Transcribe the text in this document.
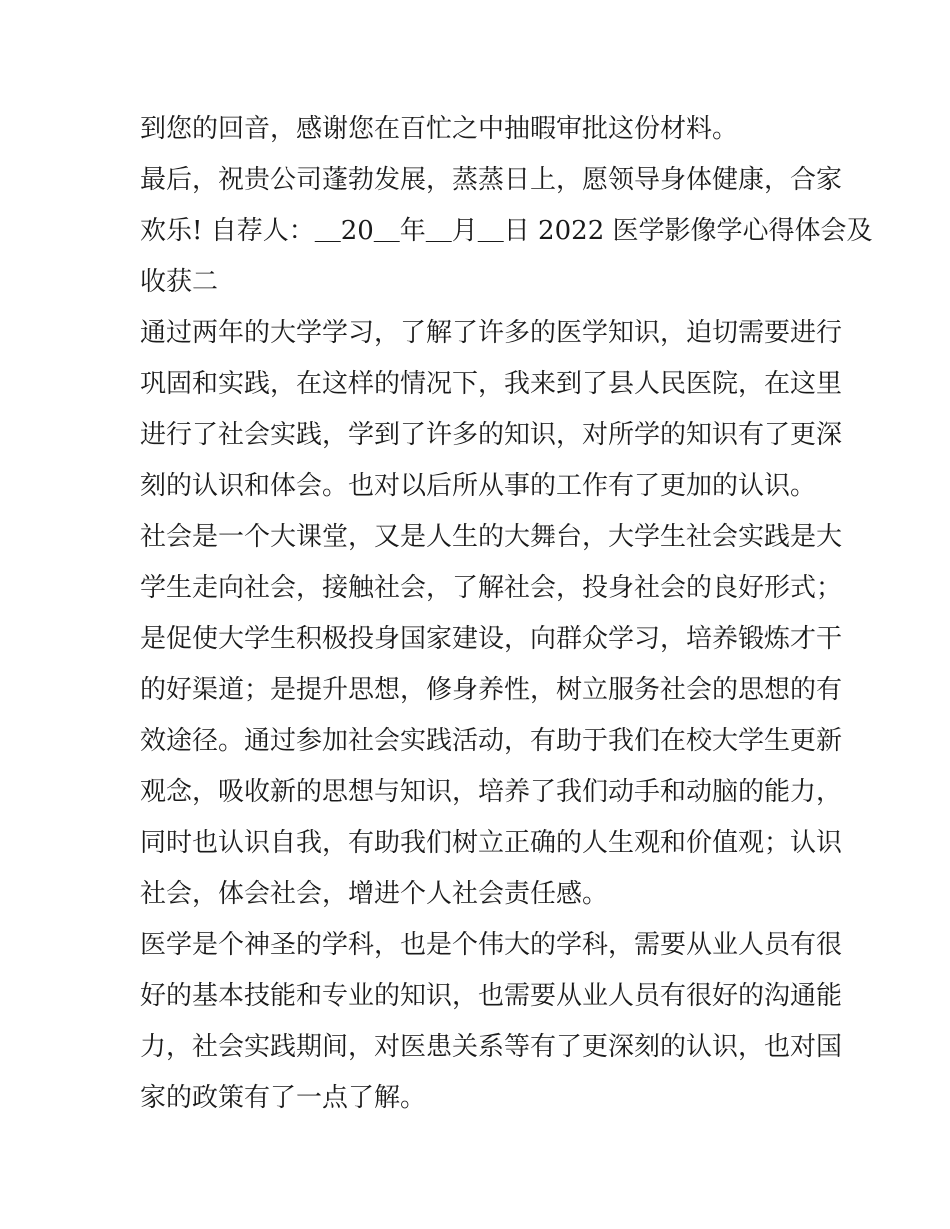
到您的回音，感谢您在百忙之中抽暇审批这份材料。
最后，祝贵公司蓬勃发展，蒸蒸日上，愿领导身体健康，合家
欢乐! 自荐人：＿20＿年＿月＿日 2022 医学影像学心得体会及
收获二
通过两年的大学学习，了解了许多的医学知识，迫切需要进行
巩固和实践，在这样的情况下，我来到了县人民医院，在这里
进行了社会实践，学到了许多的知识，对所学的知识有了更深
刻的认识和体会。也对以后所从事的工作有了更加的认识。
社会是一个大课堂，又是人生的大舞台，大学生社会实践是大
学生走向社会，接触社会，了解社会，投身社会的良好形式；
是促使大学生积极投身国家建设，向群众学习，培养锻炼才干
的好渠道；是提升思想，修身养性，树立服务社会的思想的有
效途径。通过参加社会实践活动，有助于我们在校大学生更新
观念，吸收新的思想与知识，培养了我们动手和动脑的能力，
同时也认识自我，有助我们树立正确的人生观和价值观；认识
社会，体会社会，增进个人社会责任感。
医学是个神圣的学科，也是个伟大的学科，需要从业人员有很
好的基本技能和专业的知识，也需要从业人员有很好的沟通能
力，社会实践期间，对医患关系等有了更深刻的认识，也对国
家的政策有了一点了解。
